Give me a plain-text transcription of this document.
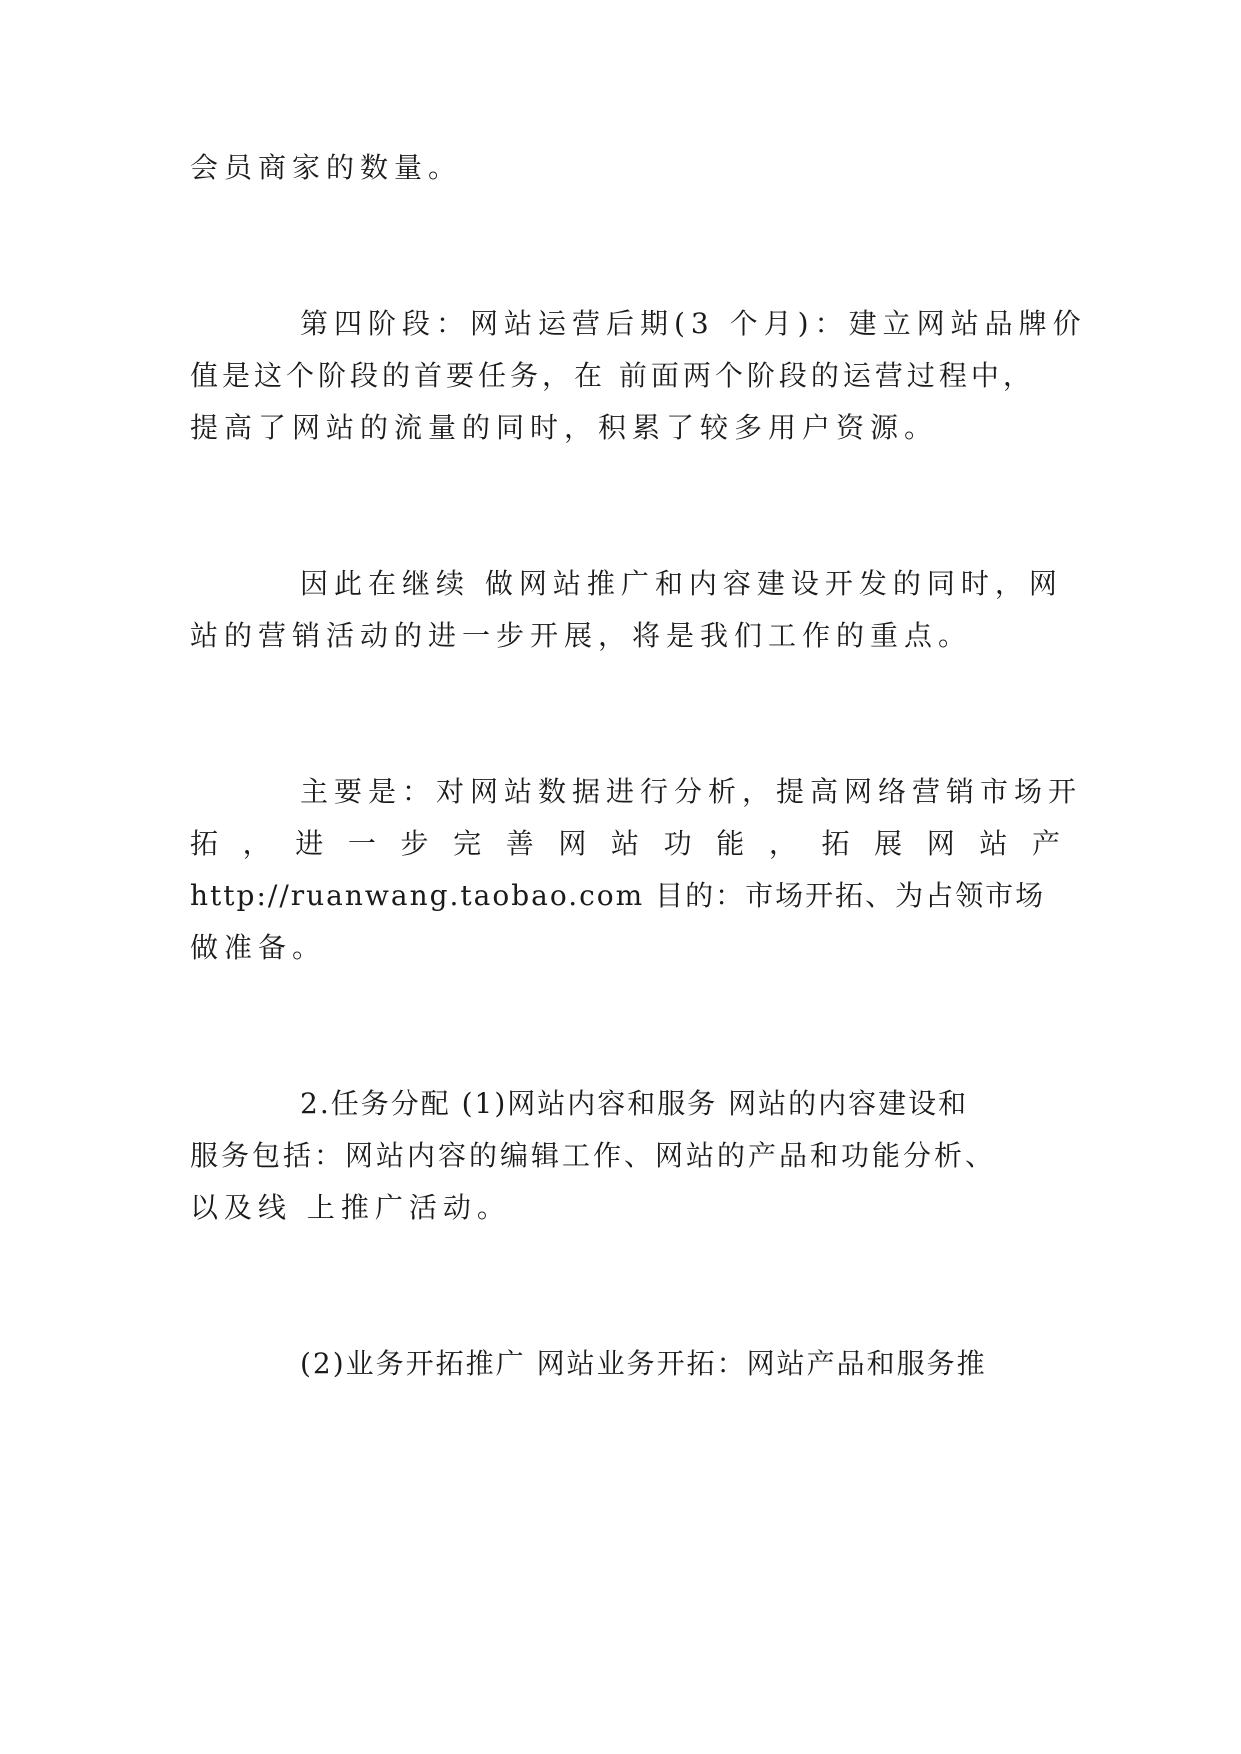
会员商家的数量。
第四阶段：网站运营后期(3 个月)：建立网站品牌价
值是这个阶段的首要任务，在 前面两个阶段的运营过程中，
提高了网站的流量的同时，积累了较多用户资源。
因此在继续 做网站推广和内容建设开发的同时，网
站的营销活动的进一步开展，将是我们工作的重点。
主要是：对网站数据进行分析，提高网络营销市场开
拓 ， 进 一 步 完 善 网 站 功 能 ， 拓 展 网 站 产
http://ruanwang.taobao.com 目的：市场开拓、为占领市场
做准备。
2.任务分配 (1)网站内容和服务 网站的内容建设和
服务包括：网站内容的编辑工作、网站的产品和功能分析、
以及线 上推广活动。
(2)业务开拓推广 网站业务开拓：网站产品和服务推
